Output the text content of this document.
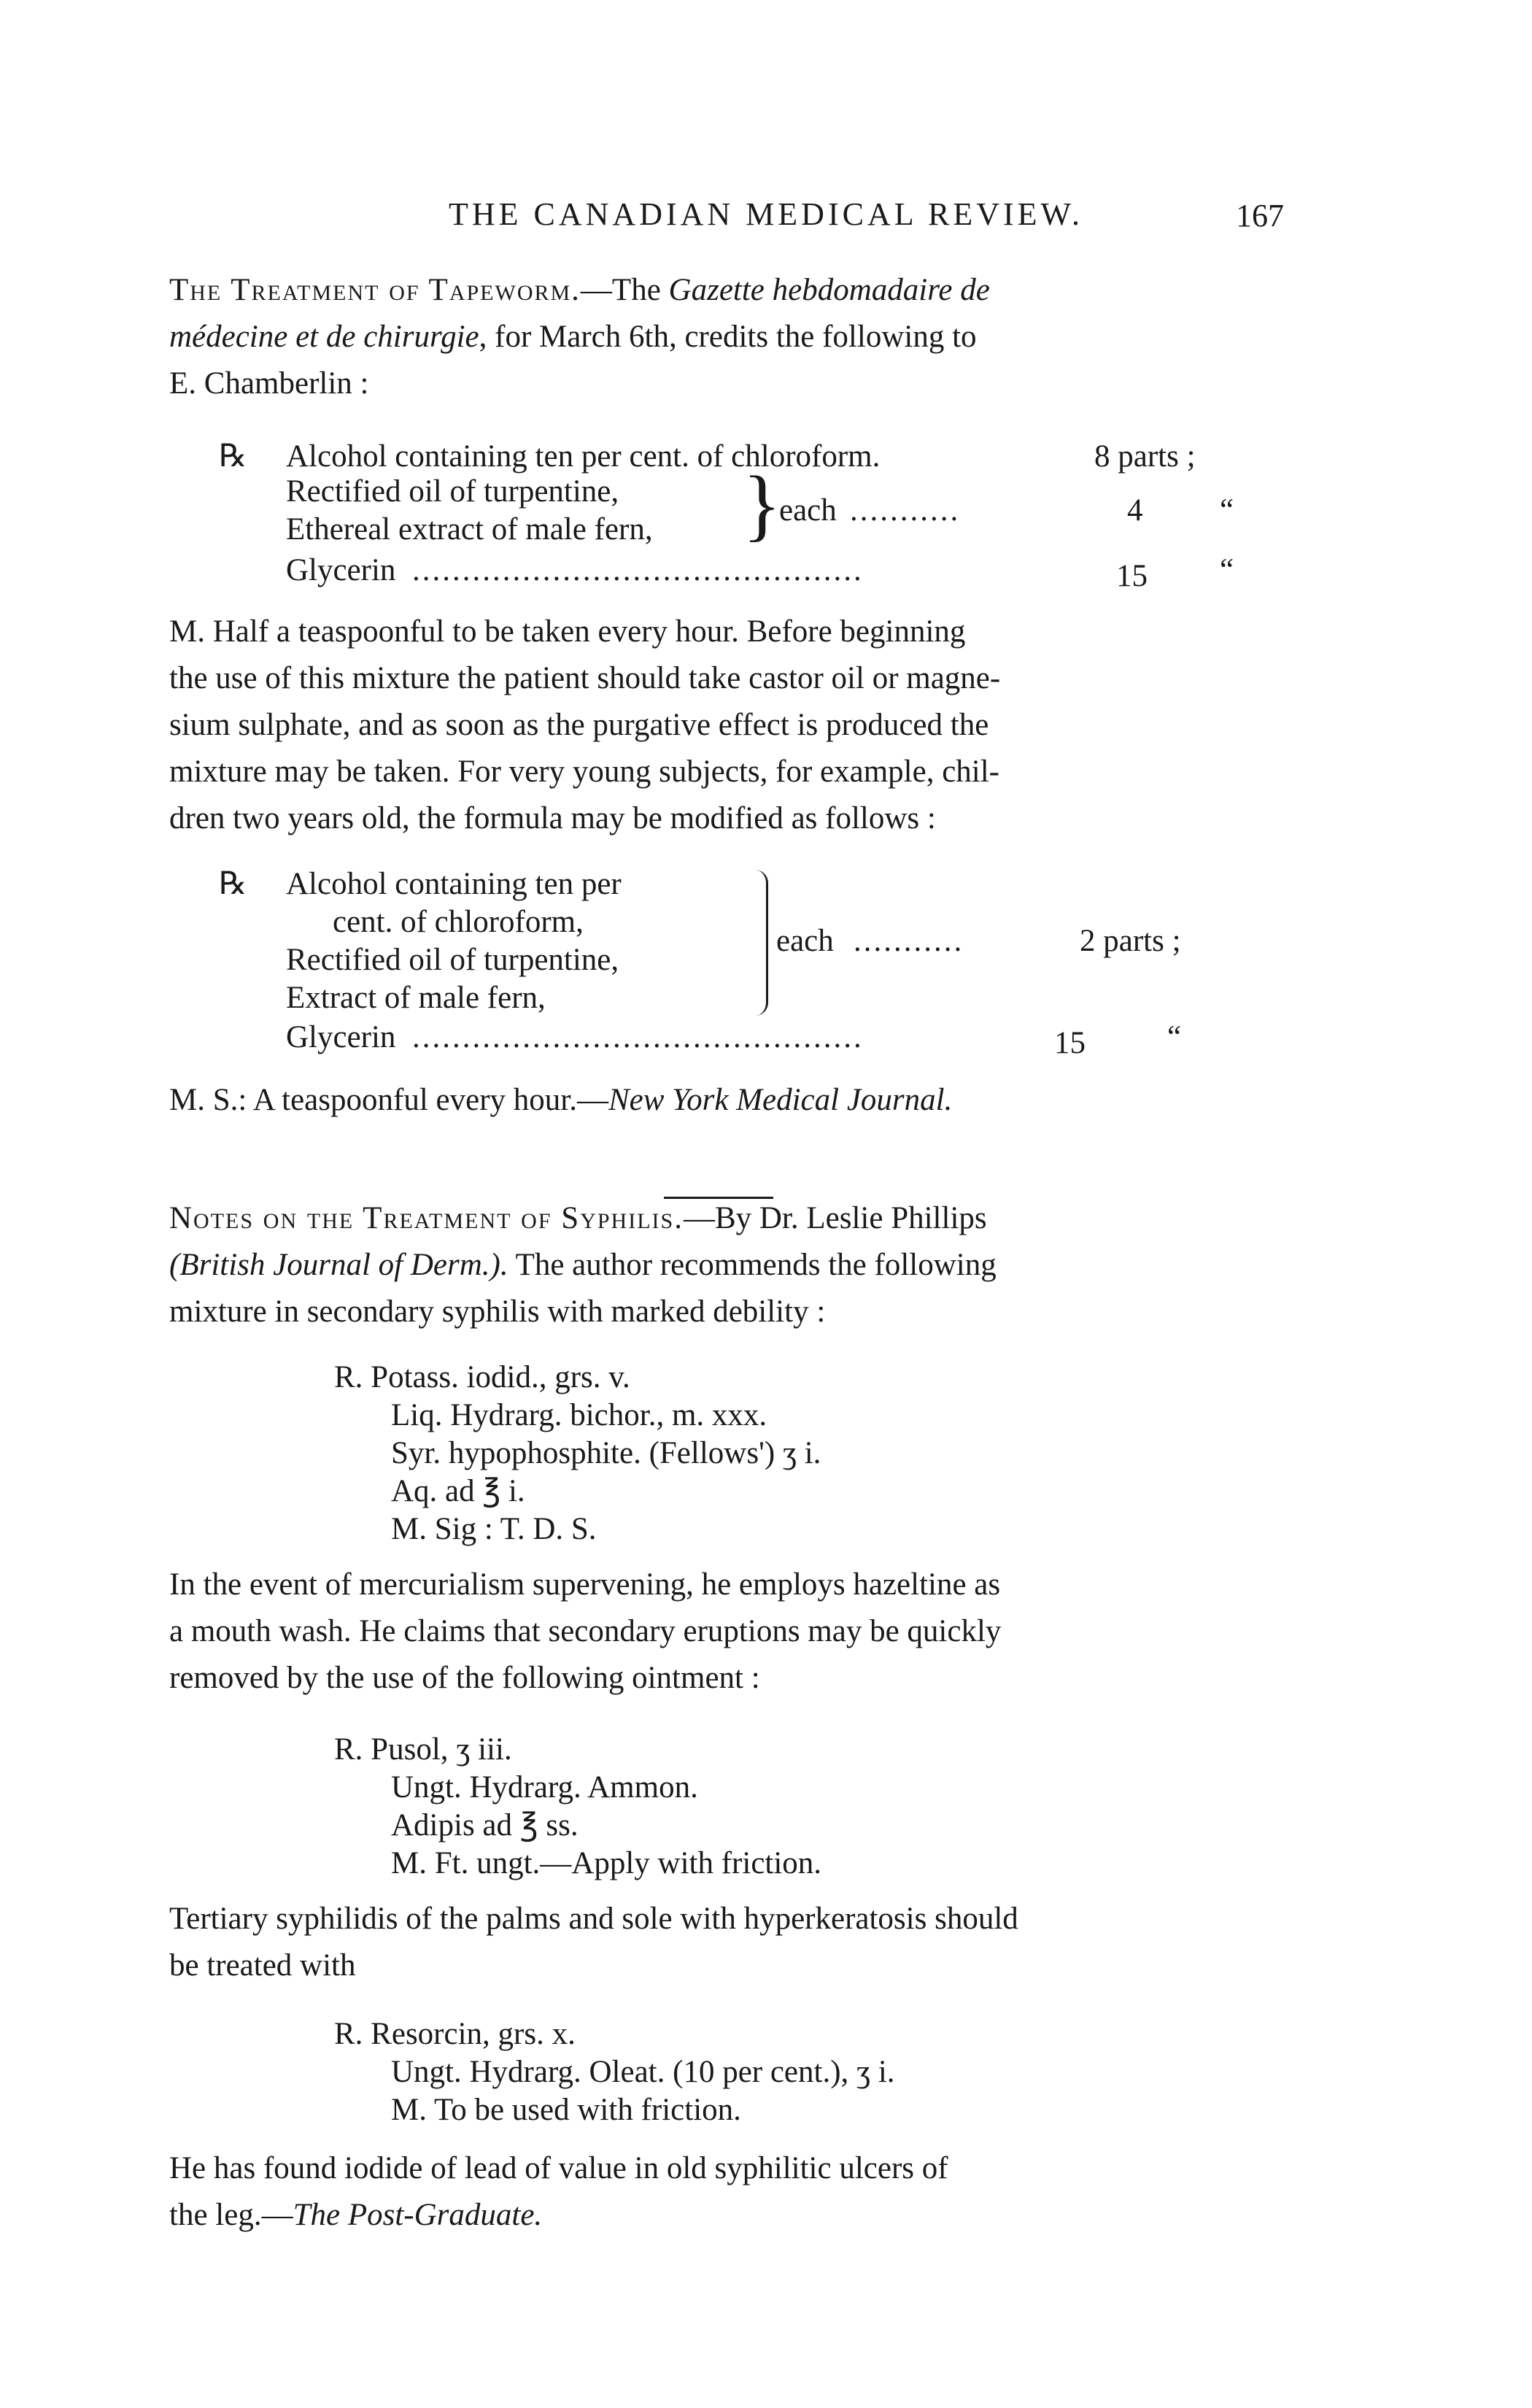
THE CANADIAN MEDICAL REVIEW.	167
The Treatment of Tapeworm.—The Gazette hebdomadaire de
médecine et de chirurgie, for March 6th, credits the following to
E. Chamberlin :
℞ Alcohol containing ten per cent. of chloroform.	8 parts ;
Rectified oil of turpentine,
Ethereal extract of male fern, }
each ...........	4 “
Glycerin .............................................	15 “
M. Half a teaspoonful to be taken every hour. Before beginning
the use of this mixture the patient should take castor oil or magne-
sium sulphate, and as soon as the purgative effect is produced the
mixture may be taken. For very young subjects, for example, chil-
dren two years old, the formula may be modified as follows :
℞ Alcohol containing ten per
cent. of chloroform,
Rectified oil of turpentine,
Extract of male fern,
each ...........	2 parts ;
Glycerin .............................................	15	“
M. S.: A teaspoonful every hour.—New York Medical Journal.
Notes on the Treatment of Syphilis.—By Dr. Leslie Phillips
(British Journal of Derm.). The author recommends the following
mixture in secondary syphilis with marked debility :
R. Potass. iodid., grs. v.
Liq. Hydrarg. bichor., m. xxx.
Syr. hypophosphite. (Fellows') ʒ i.
Aq. ad ℥ i.
M. Sig : T. D. S.
In the event of mercurialism supervening, he employs hazeltine as
a mouth wash. He claims that secondary eruptions may be quickly
removed by the use of the following ointment :
R. Pusol, ʒ iii.
Ungt. Hydrarg. Ammon.
Adipis ad ℥ ss.
M. Ft. ungt.—Apply with friction.
Tertiary syphilidis of the palms and sole with hyperkeratosis should
be treated with
R. Resorcin, grs. x.
Ungt. Hydrarg. Oleat. (10 per cent.), ʒ i.
M. To be used with friction.
He has found iodide of lead of value in old syphilitic ulcers of
the leg.—The Post-Graduate.
